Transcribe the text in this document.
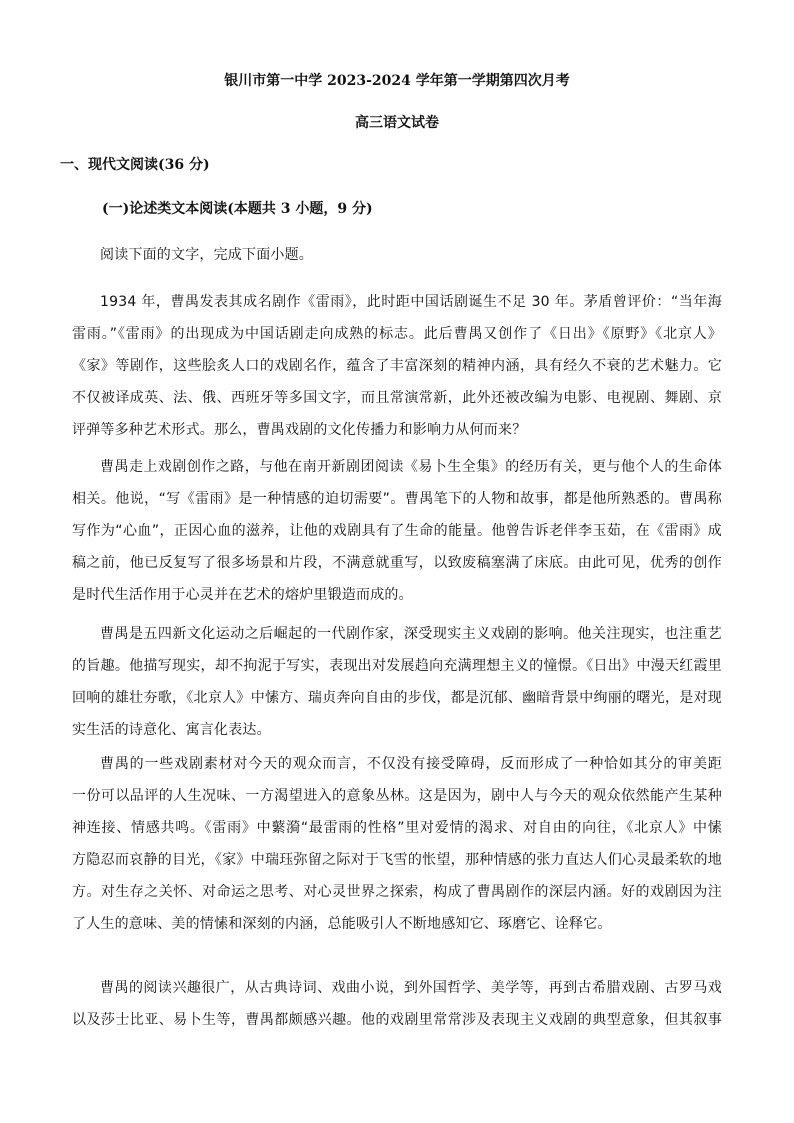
银川市第一中学 2023-2024 学年第一学期第四次月考
高三语文试卷
一、现代文阅读(36 分)
(一)论述类文本阅读(本题共 3 小题，9 分)
阅读下面的文字，完成下面小题。
1934 年，曹禺发表其成名剧作《雷雨》，此时距中国话剧诞生不足 30 年。茅盾曾评价：“当年海
雷雨。”《雷雨》的出现成为中国话剧走向成熟的标志。此后曹禺又创作了《日出》《原野》《北京人》
《家》等剧作，这些脍炙人口的戏剧名作，蕴含了丰富深刻的精神内涵，具有经久不衰的艺术魅力。它
不仅被译成英、法、俄、西班牙等多国文字，而且常演常新，此外还被改编为电影、电视剧、舞剧、京
评弹等多种艺术形式。那么，曹禺戏剧的文化传播力和影响力从何而来？
曹禺走上戏剧创作之路，与他在南开新剧团阅读《易卜生全集》的经历有关，更与他个人的生命体
相关。他说，“写《雷雨》是一种情感的迫切需要”。曹禺笔下的人物和故事，都是他所熟悉的。曹禺称
写作为“心血”，正因心血的滋养，让他的戏剧具有了生命的能量。他曾告诉老伴李玉茹，在《雷雨》成
稿之前，他已反复写了很多场景和片段，不满意就重写，以致废稿塞满了床底。由此可见，优秀的创作
是时代生活作用于心灵并在艺术的熔炉里锻造而成的。
曹禺是五四新文化运动之后崛起的一代剧作家，深受现实主义戏剧的影响。他关注现实，也注重艺
的旨趣。他描写现实，却不拘泥于写实，表现出对发展趋向充满理想主义的憧憬。《日出》中漫天红霞里
回响的雄壮夯歌，《北京人》中愫方、瑞贞奔向自由的步伐，都是沉郁、幽暗背景中绚丽的曙光，是对现
实生活的诗意化、寓言化表达。
曹禺的一些戏剧素材对今天的观众而言，不仅没有接受障碍，反而形成了一种恰如其分的审美距
一份可以品评的人生况味、一方渴望进入的意象丛林。这是因为，剧中人与今天的观众依然能产生某种
神连接、情感共鸣。《雷雨》中蘩漪“最雷雨的性格”里对爱情的渴求、对自由的向往，《北京人》中愫
方隐忍而哀静的目光，《家》中瑞珏弥留之际对于飞雪的怅望，那种情感的张力直达人们心灵最柔软的地
方。对生存之关怀、对命运之思考、对心灵世界之探索，构成了曹禺剧作的深层内涵。好的戏剧因为注
了人生的意味、美的情愫和深刻的内涵，总能吸引人不断地感知它、琢磨它、诠释它。
曹禺的阅读兴趣很广，从古典诗词、戏曲小说，到外国哲学、美学等，再到古希腊戏剧、古罗马戏
以及莎士比亚、易卜生等，曹禺都颇感兴趣。他的戏剧里常常涉及表现主义戏剧的典型意象，但其叙事
